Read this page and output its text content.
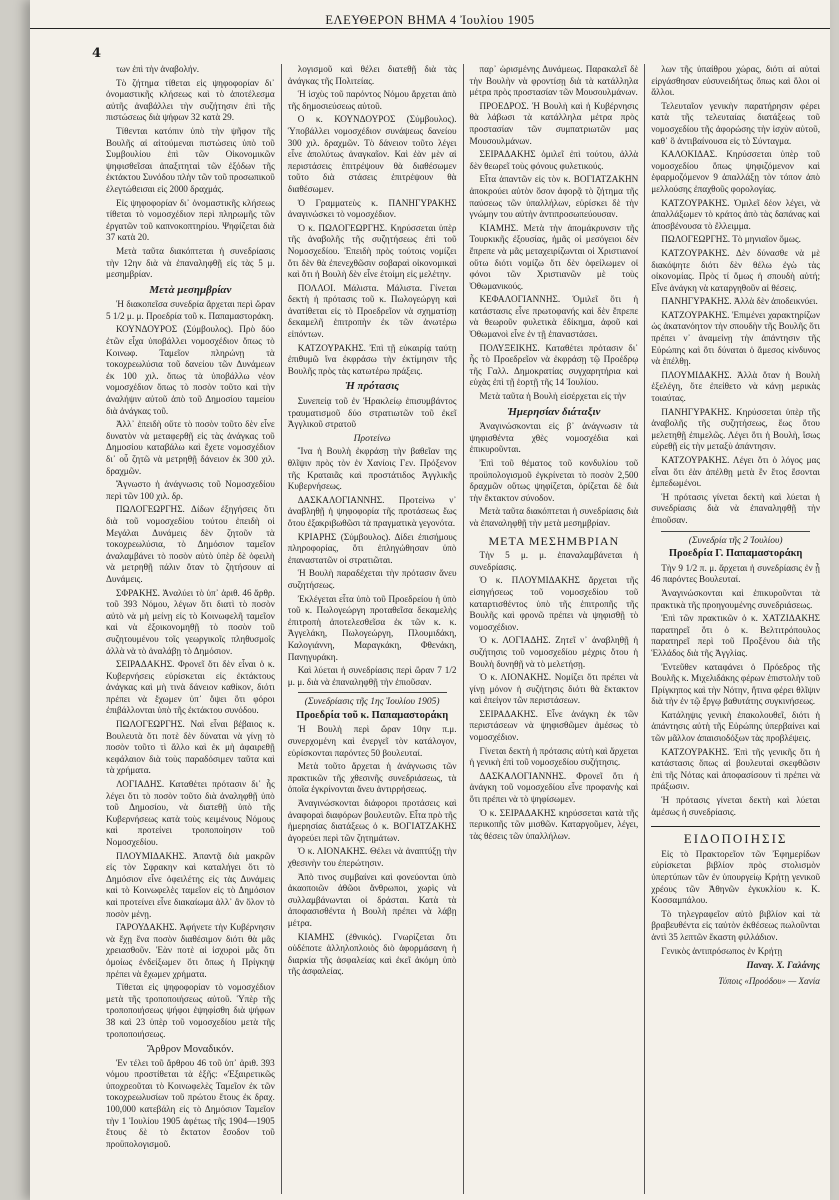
ΕΛΕΥΘΕΡΟΝ ΒΗΜΑ 4 Ἰουλίου 1905
4

των ἐπὶ τὴν ἀναβολήν.

Τὸ ζήτημα τίθεται εἰς ψηφοφορίαν δι᾽ ὀνομαστικῆς κλήσεως καὶ τὸ ἀποτέλεσμα αὐτῆς ἀναβάλλει τὴν συζήτησιν ἐπὶ τῆς πιστώσεως διὰ ψήφων 32 κατὰ 29.

Τίθενται κατόπιν ὑπὸ τὴν ψῆφον τῆς Βουλῆς αἱ αἰτούμεναι πιστώσεις ὑπὸ τοῦ Συμβουλίου ἐπὶ τῶν Οἰκονομικῶν ψηφισθεῖσαι ἀπαξιτηταὶ τῶν ἐξόδων τῆς ἐκτάκτου Συνόδου πλὴν τῶν τοῦ προσωπικοῦ ἐλεγτώθεισαι εἰς 2000 δραχμάς.

Εἰς ψηφοφορίαν δι᾽ ὀνομαστικῆς κλήσεως τίθεται τὸ νομοσχέδιον περὶ πληρωμῆς τῶν ἐργατῶν τοῦ καπνοκοπτηρίου. Ψηφίζεται διὰ 37 κατὰ 20.

Μετὰ ταῦτα διακόπτεται ἡ συνεδρίασις τὴν 12ην διὰ νὰ ἐπαναληφθῇ εἰς τὰς 5 μ. μεσημβρίαν.

Μετὰ μεσημβρίαν

Ἡ διακοπεῖσα συνεδρία ἄρχεται περὶ ὥραν 5 1/2 μ. μ. Προεδρία τοῦ κ. Παπαμαστοράκη.

ΚΟΥΝΔΟΥΡΟΣ (Σύμβουλος). Πρὸ δύο ἐτῶν εἶχα ὑποβάλλει νομοσχέδιον ὅπως τὸ Κοινωφ. Ταμεῖον πληρώνῃ τὰ τοκοχρεωλύσια τοῦ δανείου τῶν Δυνάμεων ἐκ 100 χιλ. ὅπως τὰ ὑποβάλλω νέον νομοσχέδιον ὅπως τὸ ποσὸν τοῦτο καὶ τὴν ἀναλήψιν αὐτοῦ ἀπὸ τοῦ Δημοσίου ταμείου διὰ ἀνάγκας τοῦ.

Ἀλλ᾽ ἐπειδὴ οὔτε τὸ ποσὸν τοῦτο δὲν εἶνε δυνατὸν νὰ μεταφερθῇ εἰς τὰς ἀνάγκας τοῦ Δημοσίου καταβάλω καὶ ἔχετε νομοσχέδιον δι᾽ οὗ ζητῶ νὰ μετρηθῇ δάνειον ἐκ 300 χιλ. δραχμῶν.

Ἄγνωστο ἡ ἀνάγνωσις τοῦ Νομοσχεδίου περὶ τῶν 100 χιλ. δρ.

ΠΩΛΟΓΕΩΡΓΗΣ. Δίδων ἐξηγήσεις ὅτι διὰ τοῦ νομοσχεδίου τούτου ἐπειδὴ οἱ Μεγάλαι Δυνάμεις δὲν ζητοῦν τὰ τοκοχρεωλύσια, τὸ Δημόσιον ταμεῖον ἀναλαμβάνει τὸ ποσὸν αὐτὸ ὑπὲρ δὲ ὀφειλὴ νὰ μετρηθῇ πάλιν ὅταν τὸ ζητήσουν αἱ Δυνάμεις.

ΣΦΡΑΚΗΣ. Ἀναλύει τὸ ὑπ᾽ ἀριθ. 46 ἄρθρ. τοῦ 393 Νόμου, λέγων ὅτι διατὶ τὸ ποσὸν αὐτὸ νὰ μὴ μείνῃ εἰς τὸ Κοινωφελῆ ταμεῖον καὶ νὰ ἐξοικονομηθῇ τὸ ποσὸν τοῦ συζητουμένου τοῖς γεωργικοῖς πληθυσμοῖς ἀλλὰ νὰ τὸ ἀναλάβῃ τὸ Δημόσιον.

ΣΕΙΡΑΔΑΚΗΣ. Φρονεῖ ὅτι δὲν εἶναι ὁ κ. Κυβερνήσεις εὑρίσκεται εἰς ἐκτάκτους ἀνάγκας καὶ μὴ τινὰ δάνειον καθίκον, διότι πρέπει νὰ ἔχωμεν ὑπ᾽ ὄψει ὅτι φόροι ἐπιβάλλονται ὑπὸ τῆς ἐκτάκτου συνόδου.

ΠΩΛΟΓΕΩΡΓΗΣ. Ναὶ εἶναι βέβαιος κ. Βουλευτὰ ὅτι ποτὲ δὲν δύναται νὰ γίνῃ τὸ ποσὸν τοῦτο τὶ ἄλλο καὶ ἐκ μὴ ἀφαιρεθῇ κεφάλαιον διὰ τοὺς παραδόσιμεν ταῦτα καὶ τὰ χρήματα.

ΛΟΓΙΑΔΗΣ. Καταθέτει πρότασιν δι᾽ ἧς λέγει ὅτι τὸ ποσὸν τοῦτο διὰ ἀναληφθῇ ὑπὸ τοῦ Δημοσίου, νὰ διατεθῇ ὑπὸ τῆς Κυβερνήσεως κατὰ τοὺς κειμένους Νόμους καὶ προτείνει τροποποίησιν τοῦ Νομοσχεδίου.

ΠΛΟΥΜΙΔΑΚΗΣ. Ἀπαντᾷ διὰ μακρῶν εἰς τὸν Σφρακην καὶ καταλήγει ὅτι τὸ Δημόσιον εἶνε ὀφειλέτης εἰς τὰς Δυνάμεις καὶ τὸ Κοινωφελὲς ταμεῖον εἰς τὸ Δημόσιον καὶ προτείνει εἶνε διακαίωμα ἀλλ᾽ ἂν ὅλον τὸ ποσὸν μένῃ.

ΓΑΡΟΥΔΑΚΗΣ. Ἀφήνετε τὴν Κυβέρνησιν νὰ ἔχῃ ἕνα ποσὸν διαθέσιμον διότι θὰ μᾶς χρειασθοῦν. Ἐὰν ποτὲ αἱ ἰσχυροὶ μᾶς ὅτι ὁμοίως ἐνδείξωμεν ὅτι ὅπως ἡ Πρίγκηψ πρέπει νὰ ἔχωμεν χρήματα.

Τίθεται εἰς ψηφοφορίαν τὸ νομοσχέδιον μετὰ τῆς τροποποιήσεως αὐτοῦ. Ὑπὲρ τῆς τροποποιήσεως ψήφοι ἐψηφίσθη διὰ ψήφων 38 καὶ 23 ὑπὲρ τοῦ νομοσχεδίου μετὰ τῆς τροποποιήσεως.

Ἄρθρον Μοναδικόν.

Ἐν τέλει τοῦ ἄρθρου 46 τοῦ ὑπ᾽ ἀριθ. 393 νόμου προστίθεται τὰ ἑξῆς: «Ἐξαιρετικῶς ὑποχρεοῦται τὸ Κοινωφελὲς Ταμεῖον ἐκ τῶν τοκοχρεωλυσίων τοῦ πρώτου ἔτους ἐκ δραχ. 100,000 κατεβάλη εἰς τὸ Δημόσιον Ταμεῖον τὴν 1 Ἰουλίου 1905 ἀφέτως τῆς 1904—1905 ἔτους δὲ τὸ ἔκτατον ἔσοδον τοῦ προϋπολογισμοῦ.

λογισμοῦ καὶ θέλει διατεθῇ διὰ τὰς ἀνάγκας τῆς Πολιτείας.

Ἡ ἰσχὺς τοῦ παρόντος Νόμου ἄρχεται ἀπὸ τῆς δημοσιεύσεως αὐτοῦ.

Ο κ. ΚΟΥΝΔΟΥΡΟΣ (Σύμβουλος). Ὑποβάλλει νομοσχέδιον συνάψεως δανείου 300 χιλ. δραχμῶν. Τὸ δάνειον τοῦτο λέγει εἶνε ἀπολύτως ἀναγκαῖον. Καὶ ἐὰν μὲν αἱ περιστάσεις ἐπιτρέψουν θὰ διαθέσωμεν τοῦτο διὰ στάσεις ἐπιτρέψουν θὰ διαθέσωμεν.

Ὁ Γραμματεὺς κ. ΠΑΝΗΓΥΡΑΚΗΣ ἀναγινώσκει τὸ νομοσχέδιον.

Ὁ κ. ΠΩΛΟΓΕΩΡΓΗΣ. Κηρύσσεται ὑπὲρ τῆς ἀναβολῆς τῆς συζητήσεως ἐπὶ τοῦ Νομοσχεδίου. Ἐπειδὴ πρὸς τούτοις νομίζει ὅτι δὲν θὰ ἐπενεχθῶσιν σοβαραὶ οἰκονομικαὶ καὶ ὅτι ἡ Βουλὴ δὲν εἶνε ἑτοίμη εἰς μελέτην.

ΠΟΛΛΟΙ. Μάλιστα. Μάλιστα. Γίνεται δεκτὴ ἡ πρότασις τοῦ κ. Πωλογεώργη καὶ ἀνατίθεται εἰς τὸ Προεδρεῖον νὰ σχηματίσῃ δεκαμελῆ ἐπιτροπὴν ἐκ τῶν ἀνωτέρω εἰπόντων.

ΚΑΤΖΟΥΡΑΚΗΣ. Ἐπὶ τῇ εὐκαιρίᾳ ταύτῃ ἐπιθυμῶ ἵνα ἐκφράσω τὴν ἐκτίμησιν τῆς Βουλῆς πρὸς τὰς κατωτέρω πράξεις.

Ἡ πρότασις

Συνεπείᾳ τοῦ ἐν Ἡρακλείῳ ἐπισυμβάντος τραυματισμοῦ δύο στρατιωτῶν τοῦ ἐκεῖ Ἀγγλικοῦ στρατοῦ

Προτείνω

Ἵνα ἡ Βουλὴ ἐκφράσῃ τὴν βαθεῖαν της θλῖψιν πρὸς τὸν ἐν Χανίοις Γεν. Πρόξενον τῆς Κραταιᾶς καὶ προστάτιδος Ἀγγλικῆς Κυβερνήσεως.

ΔΑΣΚΑΛΟΓΙΑΝΝΗΣ. Προτείνω ν᾽ ἀναβληθῇ ἡ ψηφοφορία τῆς προτάσεως ἕως ὅτου ἐξακριβωθῶσι τὰ πραγματικὰ γεγονότα.

ΚΡΙΑΡΗΣ (Σύμβουλος). Δίδει ἐπισήμους πληροφορίας, ὅτι ἐπληγώθησαν ὑπὸ ἐπαναστατῶν οἱ στρατιῶται.

Ἡ Βουλὴ παραδέχεται τὴν πρότασιν ἄνευ συζητήσεως.

Ἐκλέγεται εἶτα ὑπὸ τοῦ Προεδρείου ἡ ὑπὸ τοῦ κ. Πωλογεώργη προταθεῖσα δεκαμελὴς ἐπιτροπὴ ἀποτελεσθεῖσα ἐκ τῶν κ. κ. Ἀγγελάκη, Πωλογεώργη, Πλουμιδάκη, Καλογιάννη, Μαραγκάκη, Φθενάκη, Πανηγυράκη.

Καὶ λύεται ἡ συνεδρίασις περὶ ὥραν 7 1/2 μ. μ. διὰ νὰ ἐπαναληφθῇ τὴν ἐπιοῦσαν.

(Συνεδρίασις τῆς 1ης Ἰουλίου 1905)

Προεδρία τοῦ κ. Παπαμαστοράκη

Ἡ Βουλὴ περὶ ὥραν 10ην π.μ. συνερχομένη καὶ ἐνεργεῖ τὸν κατάλογον, εὑρίσκονται παρόντες 50 βουλευταί.

Μετὰ τοῦτο ἄρχεται ἡ ἀνάγνωσις τῶν πρακτικῶν τῆς χθεσινῆς συνεδριάσεως, τὰ ὁποῖα ἐγκρίνονται ἄνευ ἀντιρρήσεως.

Ἀναγινώσκονται διάφοροι προτάσεις καὶ ἀναφοραὶ διαφόρων βουλευτῶν. Εἶτα πρὸ τῆς ἡμερησίας διατάξεως ὁ κ. ΒΟΓΙΑΤΖΑΚΗΣ ἀγορεύει περὶ τῶν ζητημάτων.

Ὁ κ. ΛΙΟΝΑΚΗΣ. Θέλει νὰ ἀναπτύξῃ τὴν χθεσινὴν του ἐπερώτησιν.

Ἀπὸ τινος συμβαίνει καὶ φονεύονται ὑπὸ ἀκαοποιῶν ἀθῶοι ἄνθρωποι, χωρὶς νὰ συλλαμβάνωνται οἱ δράσται. Κατὰ τὰ ἀποφασισθέντα ἡ Βουλὴ πρέπει νὰ λάβῃ μέτρα.

ΚΙΑΜΗΣ (ἐθνικός). Γνωρίζεται ὅτι οὐδέποτε ἀλληλοπλοιὸς διὸ ἀφορμάσανη ἡ διαρκία τῆς ἀσφαλείας καὶ ἐκεῖ ἀκόμη ὑπὸ τῆς ἀσφαλείας.

παρ᾽ ὡρισμένης Δυνάμεως. Παρακαλεῖ δὲ τὴν Βουλὴν νὰ φροντίσῃ διὰ τὰ κατάλληλα μέτρα πρὸς προστασίαν τῶν Μουσουλμάνων.

ΠΡΟΕΔΡΟΣ. Ἡ Βουλὴ καὶ ἡ Κυβέρνησις θὰ λάβωσι τὰ κατάλληλα μέτρα πρὸς προστασίαν τῶν συμπατριωτῶν μας Μουσουλμάνων.

ΣΕΙΡΑΔΑΚΗΣ ὁμιλεῖ ἐπὶ τούτου, ἀλλὰ δὲν θεωρεῖ τοὺς φόνους φυλετικούς.

Εἶτα ἀπαντῶν εἰς τὸν κ. ΒΟΓΙΑΤΖΑΚΗΝ ἀποκρούει αὐτὸν ὅσον ἀφορᾷ τὸ ζήτημα τῆς παύσεως τῶν ὑπαλλήλων, εὑρίσκει δὲ τὴν γνώμην του αὐτὴν ἀντιπροσωπεύουσαν.

ΚΙΑΜΗΣ. Μετὰ τὴν ἀπομάκρυνσιν τῆς Τουρκικῆς ἐξουσίας, ἡμᾶς οἱ μεσόγειοι δὲν ἔπρεπε νὰ μᾶς μεταχειρίζωνται οἱ Χριστιανοί οὕτω διότι νομίζω ὅτι δὲν ὀφείλωμεν οἱ φόνοι τῶν Χριστιανῶν μὲ τοὺς Ὀθωμανικούς.

ΚΕΦΑΛΟΓΙΑΝΝΗΣ. Ὁμιλεῖ ὅτι ἡ κατάστασις εἶνε πρωτοφανής καὶ δὲν ἔπρεπε νὰ θεωροῦν φυλετικὰ ἐδίκημα, ἀφοῦ καὶ Ὀθωμανοὶ εἶνε ἐν τῇ ἐπαναστάσει.

ΠΟΛΥΞΕΙΚΗΣ. Καταθέτει πρότασιν δι᾽ ἧς τὸ Προεδρεῖον νὰ ἐκφράσῃ τῷ Προέδρῳ τῆς Γαλλ. Δημοκρατίας συγχαρητήρια καὶ εὐχὰς ἐπὶ τῇ ἑορτῇ τῆς 14 Ἰουλίου.

Μετὰ ταῦτα ἡ Βουλὴ εἰσέρχεται εἰς τὴν

Ἡμερησίαν διάταξιν

Ἀναγινώσκονται εἰς β᾽ ἀνάγνωσιν τὰ ψηφισθέντα χθὲς νομοσχέδια καὶ ἐπικυροῦνται.

Ἐπὶ τοῦ θέματος τοῦ κονδυλίου τοῦ προϋπολογισμοῦ ἐγκρίνεται τὸ ποσὸν 2,500 δραχμῶν οὕτως ψηφίζεται, ὁρίζεται δὲ διὰ τὴν ἔκτακτον σύνοδον.

Μετὰ ταῦτα διακόπτεται ἡ συνεδρίασις διὰ νὰ ἐπαναληφθῇ τὴν μετὰ μεσημβρίαν.

ΜΕΤΑ ΜΕΣΗΜΒΡΙΑΝ

Τὴν 5 μ. μ. ἐπαναλαμβάνεται ἡ συνεδρίασις.

Ὁ κ. ΠΛΟΥΜΙΔΑΚΗΣ ἄρχεται τῆς εἰσηγήσεως τοῦ νομοσχεδίου τοῦ καταρτισθέντος ὑπὸ τῆς ἐπιτροπῆς τῆς Βουλῆς καὶ φρονῶ πρέπει νὰ ψηφισθῇ τὸ νομοσχέδιον.

Ὁ κ. ΛΟΓΙΑΔΗΣ. Ζητεῖ ν᾽ ἀναβληθῇ ἡ συζήτησις τοῦ νομοσχεδίου μέχρις ὅτου ἡ Βουλὴ δυνηθῇ νὰ τὸ μελετήσῃ.

Ὁ κ. ΛΙΟΝΑΚΗΣ. Νομίζει ὅτι πρέπει νὰ γίνῃ μόνον ἡ συζήτησις διότι θὰ ἔκτακτον καὶ ἐπείγον τῶν περιστάσεων.

ΣΕΙΡΑΔΑΚΗΣ. Εἶνε ἀνάγκη ἐκ τῶν περιστάσεων νὰ ψηφισθῶμεν ἀμέσως τὸ νομοσχέδιον.

Γίνεται δεκτὴ ἡ πρότασις αὐτὴ καὶ ἄρχεται ἡ γενικὴ ἐπὶ τοῦ νομοσχεδίου συζήτησις.

ΔΑΣΚΑΛΟΓΙΑΝΝΗΣ. Φρονεῖ ὅτι ἡ ἀνάγκη τοῦ νομοσχεδίου εἶνε προφανὴς καὶ ὅτι πρέπει νὰ τὸ ψηφίσωμεν.

Ὁ κ. ΣΕΙΡΑΔΑΚΗΣ κηρύσσεται κατὰ τῆς περικοπῆς τῶν μισθῶν. Καταργοῦμεν, λέγει, τὰς θέσεις τῶν ὑπαλλήλων.

λων τῆς ὑπαίθρου χώρας, διότι αἱ αὐταὶ εἰργάσθησαν εὐσυνειδήτως ὅπως καὶ ὅλοι οἱ ἄλλοι.

Τελευταῖον γενικὴν παρατήρησιν φέρει κατὰ τῆς τελευταίας διατάξεως τοῦ νομοσχεδίου τῆς ἀφορώσης τὴν ἰσχὺν αὐτοῦ, καθ᾽ ὃ ἀντιβαίνουσα εἰς τὸ Σύνταγμα.

ΚΑΛΟΚΙΔΑΣ. Κηρύσσεται ὑπὲρ τοῦ νομοσχεδίου ὅπως ψηφιζόμενον καὶ ἐφαρμοζόμενον 9 ἀπαλλάξῃ τὸν τόπον ἀπὸ μελλούσης ἐπαχθοῦς φορολογίας.

ΚΑΤΖΟΥΡΑΚΗΣ. Ὁμιλεῖ δέον λέγει, νὰ ἀπαλλάξωμεν τὸ κράτος ἀπὸ τὰς δαπάνας καὶ ἀποσβένουσα τὸ ἔλλειμμα.

ΠΩΛΟΓΕΩΡΓΗΣ. Τὸ μηνιαῖον ὅμως.

ΚΑΤΖΟΥΡΑΚΗΣ. Δὲν δύνασθε νὰ μὲ διακόψητε διότι δὲν θέλω ἐγὼ τὰς οἰκονομίας. Πρὸς τί ὅμως ἡ σπουδὴ αὐτή; Εἶνε ἀνάγκη νὰ καταργηθοῦν αἱ θέσεις.

ΠΑΝΗΓΥΡΑΚΗΣ. Ἀλλὰ δὲν ἀποδεικνύει.

ΚΑΤΖΟΥΡΑΚΗΣ. Ἐπιμένει χαρακτηρίζων ὡς ἀκατανόητον τὴν σπουδὴν τῆς Βουλῆς ὅτι πρέπει ν᾽ ἀναμείνῃ τὴν ἀπάντησιν τῆς Εὐρώπης καὶ ὅτι δύναται ὁ ἄμεσος κίνδυνος νὰ ἐπέλθῃ.

ΠΛΟΥΜΙΔΑΚΗΣ. Ἀλλὰ ὅταν ἡ Βουλὴ ἐξελέγη, ὅτε ἐπείθετο νὰ κάνῃ μερικὰς τοιαύτας.

ΠΑΝΗΓΥΡΑΚΗΣ. Κηρύσσεται ὑπὲρ τῆς ἀναβολῆς τῆς συζητήσεως, ἕως ὅτου μελετηθῇ ἐπιμελῶς. Λέγει ὅτι ἡ Βουλὴ, ἴσως εὑρεθῇ εἰς τὴν μεταξὺ ἀπάντησιν.

ΚΑΤΖΟΥΡΑΚΗΣ. Λέγει ὅτι ὁ λόγος μας εἶναι ὅτι ἐὰν ἀπέλθῃ μετὰ ἓν ἔτος ἔσονται ἐμπεδωμένοι.

Ἡ πρότασις γίνεται δεκτὴ καὶ λύεται ἡ συνεδρίασις διὰ νὰ ἐπαναληφθῇ τὴν ἐπιοῦσαν.

(Συνεδρία τῆς 2 Ἰουλίου)

Προεδρία Γ. Παπαμαστοράκη

Τὴν 9 1/2 π. μ. ἄρχεται ἡ συνεδρίασις ἐν ᾗ 46 παρόντες Βουλευταί.

Ἀναγινώσκονται καὶ ἐπικυροῦνται τὰ πρακτικὰ τῆς προηγουμένης συνεδριάσεως.

Ἐπὶ τῶν πρακτικῶν ὁ κ. ΧΑΤΖΙΔΑΚΗΣ παρατηρεῖ ὅτι ὁ κ. Βελτιτρόπουλος παρατηρεῖ περὶ τοῦ Προξένου διὰ τῆς Ἑλλάδος διὰ τῆς Ἀγγλίας.

Ἐντεῦθεν καταφάνει ὁ Πρόεδρος τῆς Βουλῆς κ. Μιχελιδάκης φέρων ἐπιστολὴν τοῦ Πρίγκηπος καὶ τὴν Νότην, ἥτινα φέρει θλῖψιν διὰ τὴν ἐν τῷ ἔργῳ βαθυτάτης συγκινήσεως.

Κατάληψις γενικὴ ἐπακολουθεῖ, διότι ἡ ἀπάντησις αὐτὴ τῆς Εὐρώπης ὑπερβαίνει καὶ τῶν μᾶλλον ἀπαισιοδόξων τὰς προβλέψεις.

ΚΑΤΖΟΥΡΑΚΗΣ. Ἐπὶ τῆς γενικῆς ὅτι ἡ κατάστασις ὅπως αἱ βουλευταὶ σκεφθῶσιν ἐπὶ τῆς Νότας καὶ ἀποφασίσουν τὶ πρέπει νὰ πράξωσιν.

Ἡ πρότασις γίνεται δεκτὴ καὶ λύεται ἀμέσως ἡ συνεδρίασις.

ΕΙΔΟΠΟΙΗΣΙΣ

Εἰς τὸ Πρακτορεῖον τῶν Ἐφημερίδων εὑρίσκεται βιβλίον πρὸς στολισμὸν ὑπερτύπων τῶν ἐν ὑπουργείῳ Κρήτῃ γενικοῦ χρέους τῶν Ἀθηνῶν ἐγκυκλίου κ. Κ. Κοσσαμπάλου.

Τὸ τηλεγραφεῖον αὐτὸ βιβλίον καὶ τὰ βραβευθέντα εἰς ταὐτὸν ἐκθέσεως πωλοῦνται ἀντὶ 35 λεπτῶν ἕκαστη φιλλάδιον.

Γενικὸς ἀντιπρόσωπος ἐν Κρήτῃ

Παναγ. Χ. Γαλάνης

Τύποις «Προόδου» — Χανία
